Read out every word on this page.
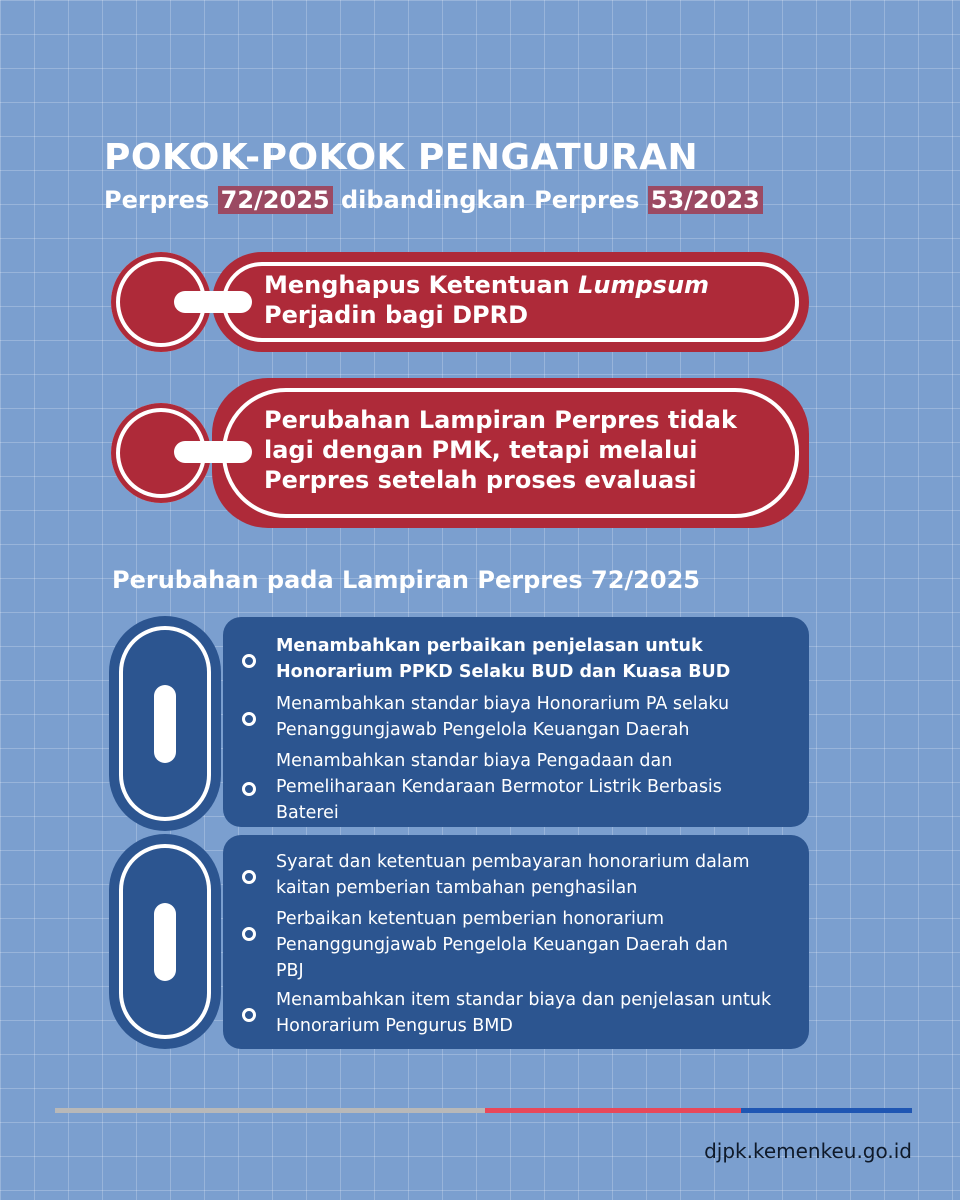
POKOK-POKOK PENGATURAN

Perpres 72/2025 dibandingkan Perpres 53/2023

Menghapus Ketentuan Lumpsum

Perjadin bagi DPRD

Perubahan Lampiran Perpres tidak

lagi dengan PMK, tetapi melalui

Perpres setelah proses evaluasi

Perubahan pada Lampiran Perpres 72/2025

Menambahkan perbaikan penjelasan untuk
Honorarium PPKD Selaku BUD dan Kuasa BUD

Menambahkan standar biaya Honorarium PA selaku
Penanggungjawab Pengelola Keuangan Daerah

Menambahkan standar biaya Pengadaan dan
Pemeliharaan Kendaraan Bermotor Listrik Berbasis
Baterei

Syarat dan ketentuan pembayaran honorarium dalam
kaitan pemberian tambahan penghasilan

Perbaikan ketentuan pemberian honorarium
Penanggungjawab Pengelola Keuangan Daerah dan
PBJ

Menambahkan item standar biaya dan penjelasan untuk
Honorarium Pengurus BMD

djpk.kemenkeu.go.id
